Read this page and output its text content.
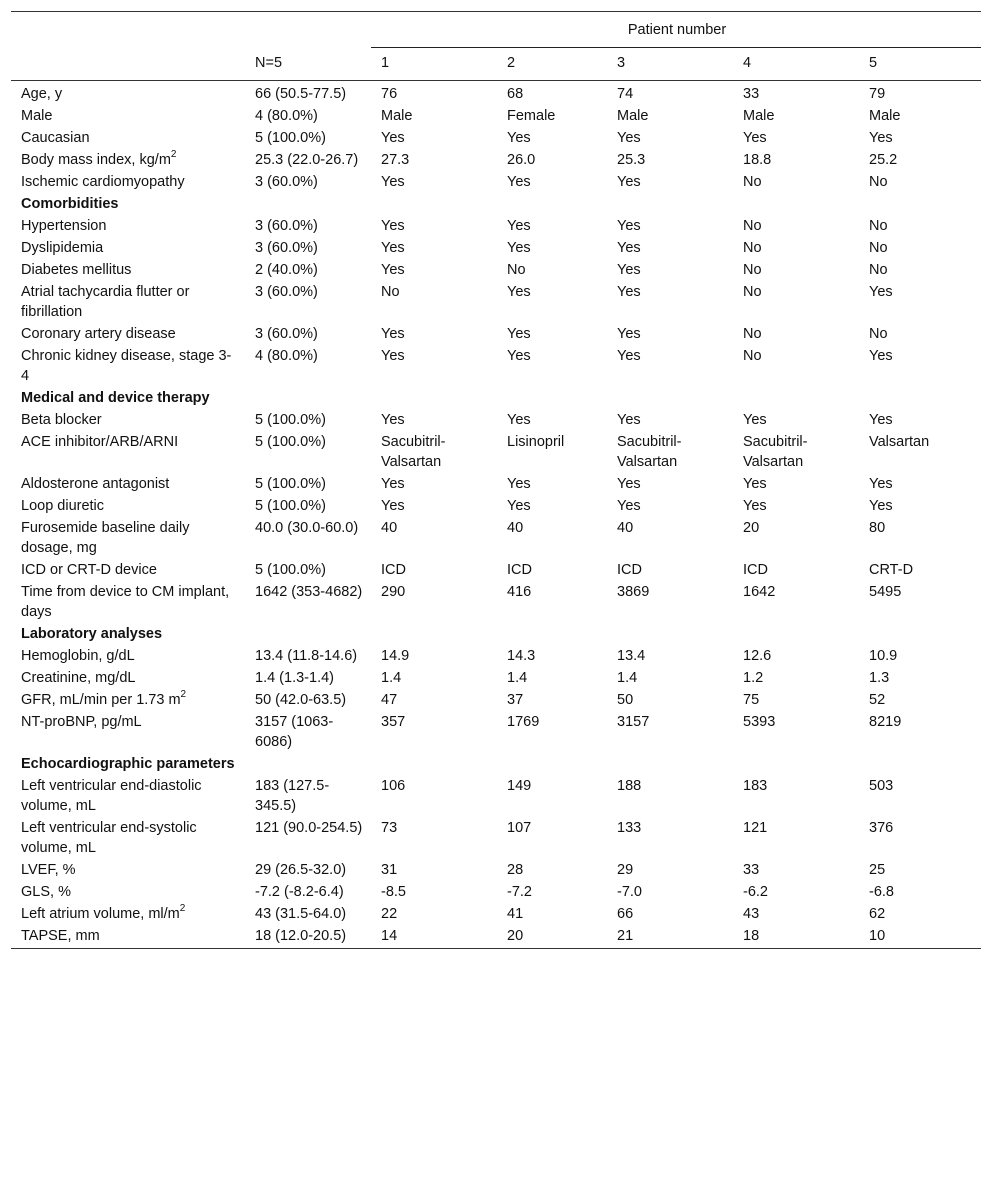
		Patient number				
	N=5	1	2	3	4	5
Age, y	66 (50.5-77.5)	76	68	74	33	79
Male	4 (80.0%)	Male	Female	Male	Male	Male
Caucasian	5 (100.0%)	Yes	Yes	Yes	Yes	Yes
Body mass index, $kg/m^2$	25.3 (22.0-26.7)	27.3	26.0	25.3	18.8	25.2
Ischemic cardiomyopathy	3 (60.0%)	Yes	Yes	Yes	No	No
Comorbidities						
Hypertension	3 (60.0%)	Yes	Yes	Yes	No	No
Dyslipidemia	3 (60.0%)	Yes	Yes	Yes	No	No
Diabetes mellitus	2 (40.0%)	Yes	No	Yes	No	No
Atrial tachycardia flutter or fibrillation	3 (60.0%)	No	Yes	Yes	No	Yes
Coronary artery disease	3 (60.0%)	Yes	Yes	Yes	No	No
Chronic kidney disease, stage 3-4	4 (80.0%)	Yes	Yes	Yes	No	Yes
Medical and device therapy						
Beta blocker	5 (100.0%)	Yes	Yes	Yes	Yes	Yes
ACE inhibitor/ARB/ARNI	5 (100.0%)	Sacubitril-Valsartan	Lisinopril	Sacubitril-Valsartan	Sacubitril-Valsartan	Valsartan
Aldosterone antagonist	5 (100.0%)	Yes	Yes	Yes	Yes	Yes
Loop diuretic	5 (100.0%)	Yes	Yes	Yes	Yes	Yes
Furosemide baseline daily dosage, mg	40.0 (30.0-60.0)	40	40	40	20	80
ICD or CRT-D device	5 (100.0%)	ICD	ICD	ICD	ICD	CRT-D
Time from device to CM implant, days	1642 (353-4682)	290	416	3869	1642	5495
Laboratory analyses						
Hemoglobin, g/dL	13.4 (11.8-14.6)	14.9	14.3	13.4	12.6	10.9
Creatinine, mg/dL	1.4 (1.3-1.4)	1.4	1.4	1.4	1.2	1.3
GFR, mL/min per 1.73 $m^2$	50 (42.0-63.5)	47	37	50	75	52
NT-proBNP, pg/mL	3157 (1063-6086)	357	1769	3157	5393	8219
Echocardiographic parameters						
Left ventricular end-diastolic volume, mL	183 (127.5-345.5)	106	149	188	183	503
Left ventricular end-systolic volume, mL	121 (90.0-254.5)	73	107	133	121	376
LVEF, %	29 (26.5-32.0)	31	28	29	33	25
GLS, %	-7.2 (-8.2-6.4)	-8.5	-7.2	-7.0	-6.2	-6.8
Left atrium volume, $ml/m^2$	43 (31.5-64.0)	22	41	66	43	62
TAPSE, mm	18 (12.0-20.5)	14	20	21	18	10
